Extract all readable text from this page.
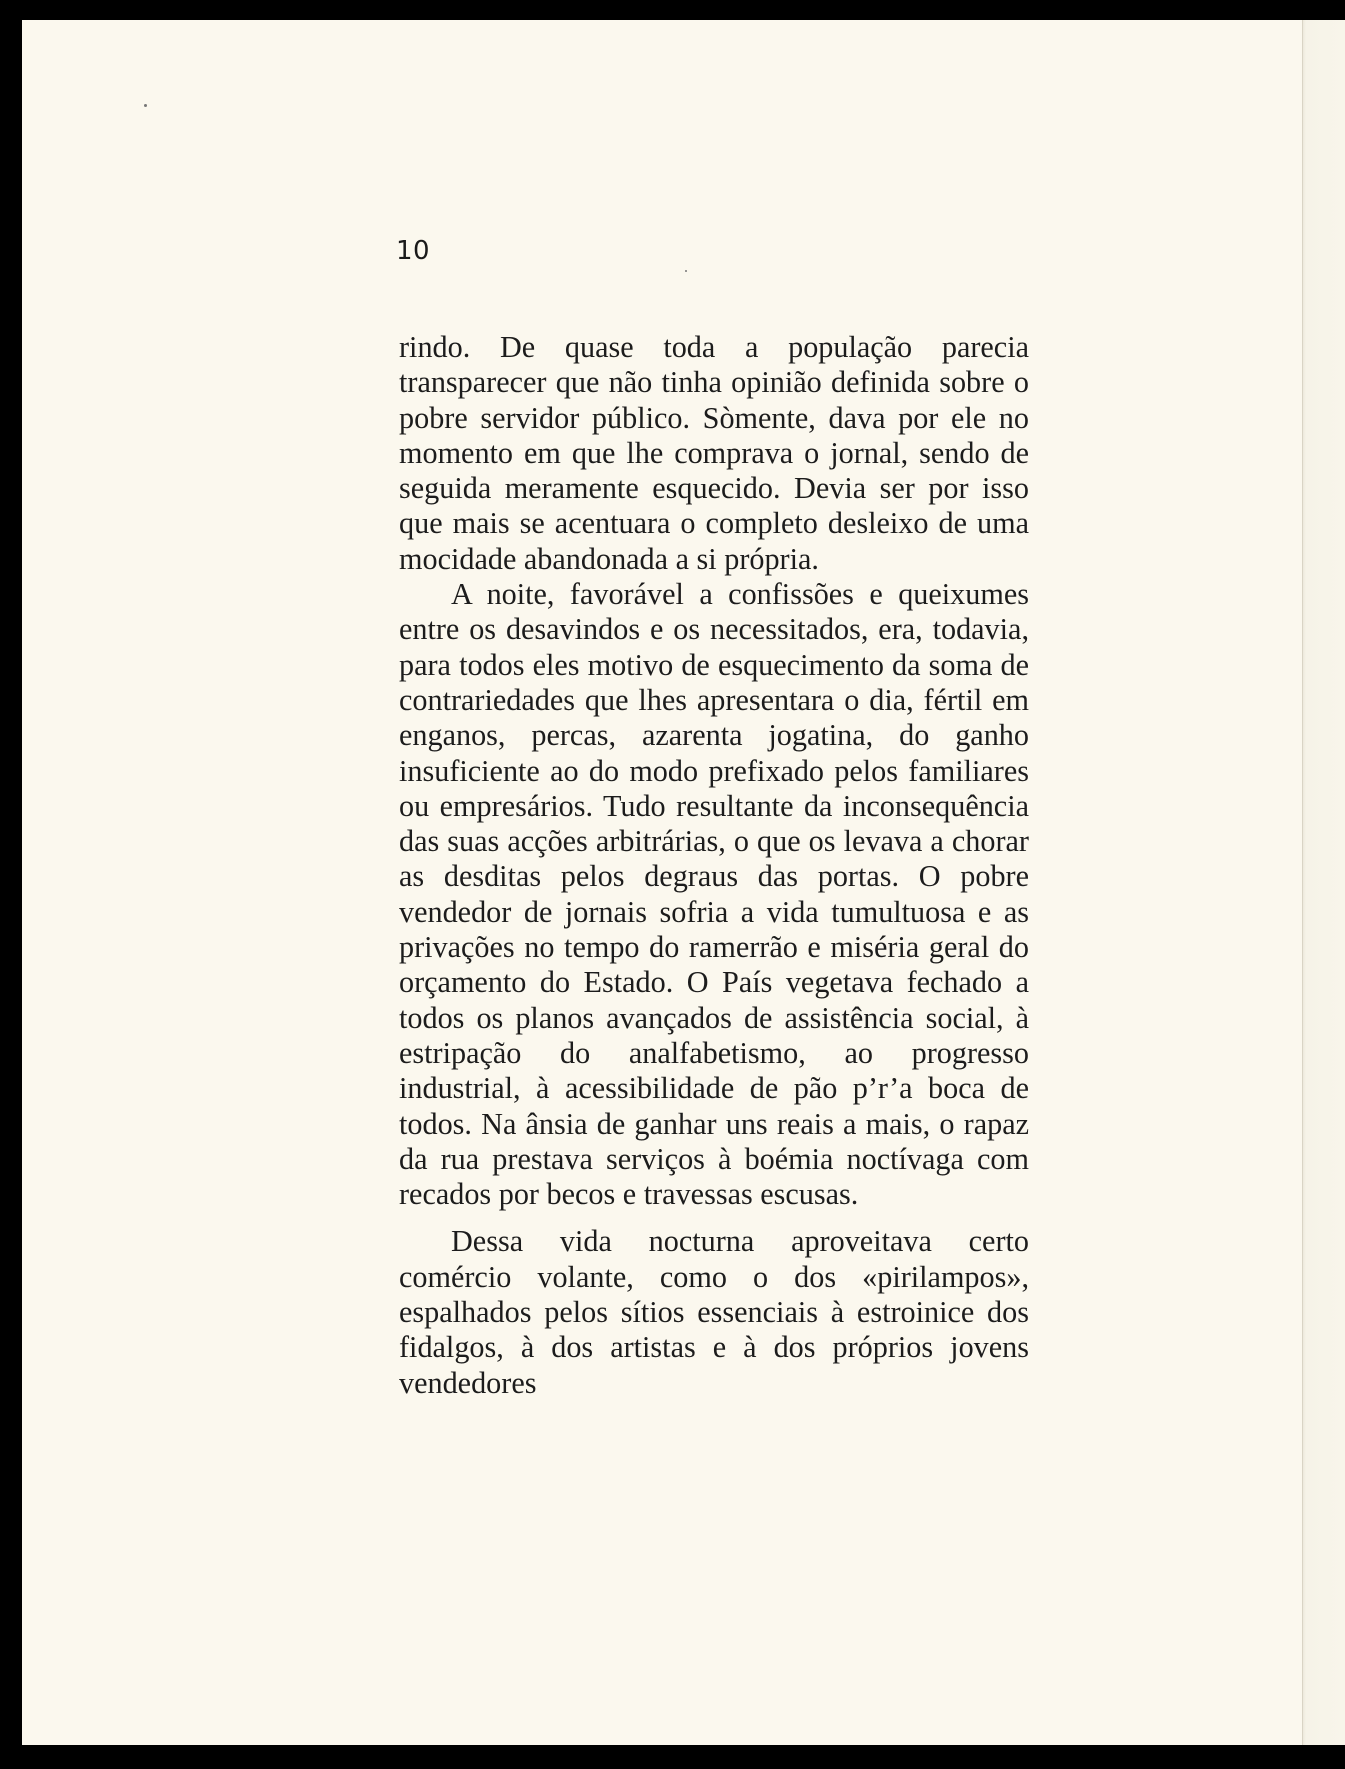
10

rindo. De quase toda a população parecia transparecer que não tinha opinião definida sobre o pobre servidor público. Sòmente, dava por ele no momento em que lhe comprava o jornal, sendo de seguida meramente esquecido. Devia ser por isso que mais se acentuara o completo desleixo de uma mocidade abandonada a si própria.

A noite, favorável a confissões e queixumes entre os desavindos e os necessitados, era, todavia, para todos eles motivo de esquecimento da soma de contrariedades que lhes apresentara o dia, fértil em enganos, percas, azarenta jogatina, do ganho insuficiente ao do modo prefixado pelos familiares ou empresários. Tudo resultante da inconsequência das suas acções arbitrárias, o que os levava a chorar as desditas pelos degraus das portas. O pobre vendedor de jornais sofria a vida tumultuosa e as privações no tempo do ramerrão e miséria geral do orçamento do Estado. O País vegetava fechado a todos os planos avançados de assistência social, à estripação do analfabetismo, ao progresso industrial, à acessibilidade de pão p’r’a boca de todos. Na ânsia de ganhar uns reais a mais, o rapaz da rua prestava serviços à boémia noctívaga com recados por becos e travessas escusas.

Dessa vida nocturna aproveitava certo comércio volante, como o dos «pirilampos», espalhados pelos sítios essenciais à estroinice dos fidalgos, à dos artistas e à dos próprios jovens vendedores
